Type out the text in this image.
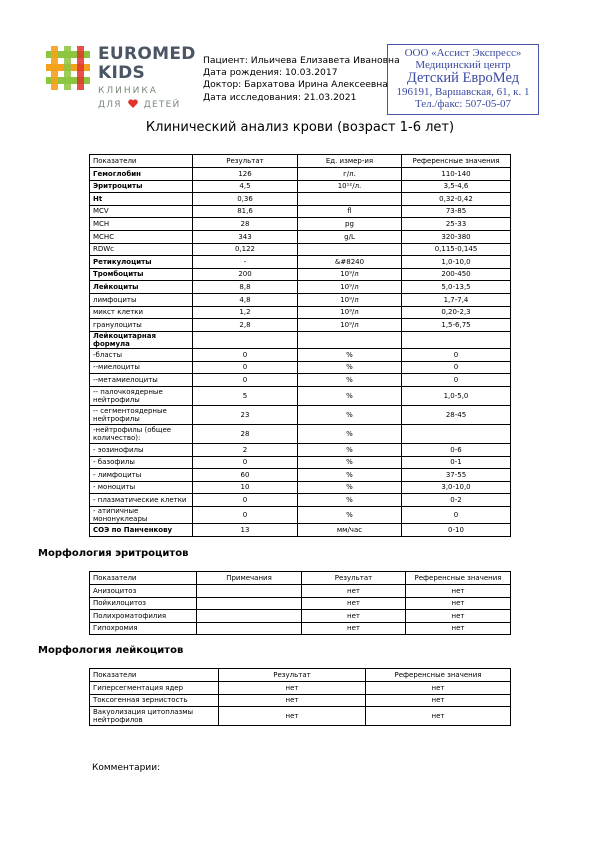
EUROMED
KIDS
КЛИНИКА
ДЛЯ ДЕТЕЙ
Пациент: Ильичева Елизавета Ивановна
Дата рождения: 10.03.2017
Доктор: Бархатова Ирина Алексеевна
Дата исследования: 21.03.2021
ООО «Ассист Экспресс»
Медицинский центр
Детский ЕвроМед
196191, Варшавская, 61, к. 1
Тел./факс: 507-05-07
Клинический анализ крови (возраст 1-6 лет)
Показатели	Результат	Ед. измер-ия	Референсные значения
Гемоглобин	126	г/л.	110-140
Эритроциты	4,5	10¹²/л.	3,5-4,6
Ht	0,36		0,32-0,42
MCV	81,6	fl	73-85
MCH	28	pg	25-33
MCHC	343	g/L	320-380
RDWc	0,122		0,115-0,145
Ретикулоциты	-	&#8240	1,0-10,0
Тромбоциты	200	10⁹/л	200-450
Лейкоциты	8,8	10⁹/л	5,0-13,5
лимфоциты	4,8	10⁹/л	1,7-7,4
микст клетки	1,2	10⁹/л	0,20-2,3
гранулоциты	2,8	10⁹/л	1,5-6,75
Лейкоцитарная формула			
-бласты	0	%	0
--миелоциты	0	%	0
--метамиелоциты	0	%	0
-- палочкоядерные нейтрофилы	5	%	1,0-5,0
-- сегментоядерные нейтрофилы	23	%	28-45
-нейтрофилы (общее количество):	28	%	
- эозинофилы	2	%	0-6
- базофилы	0	%	0-1
- лимфоциты	60	%	37-55
- моноциты	10	%	3,0-10,0
- плазматические клетки	0	%	0-2
- атипичные мононуклеары	0	%	0
СОЭ по Панченкову	13	мм/час	0-10
Морфология эритроцитов
Показатели	Примечания	Результат	Референсные значения
Анизоцитоз		нет	нет
Пойкилоцитоз		нет	нет
Полихроматофилия		нет	нет
Гипохромия		нет	нет
Морфология лейкоцитов
Показатели	Результат	Референсные значения
Гиперсегментация ядер	нет	нет
Токсогенная зернистость	нет	нет
Вакуолизация цитоплазмы нейтрофилов	нет	нет
Комментарии:
